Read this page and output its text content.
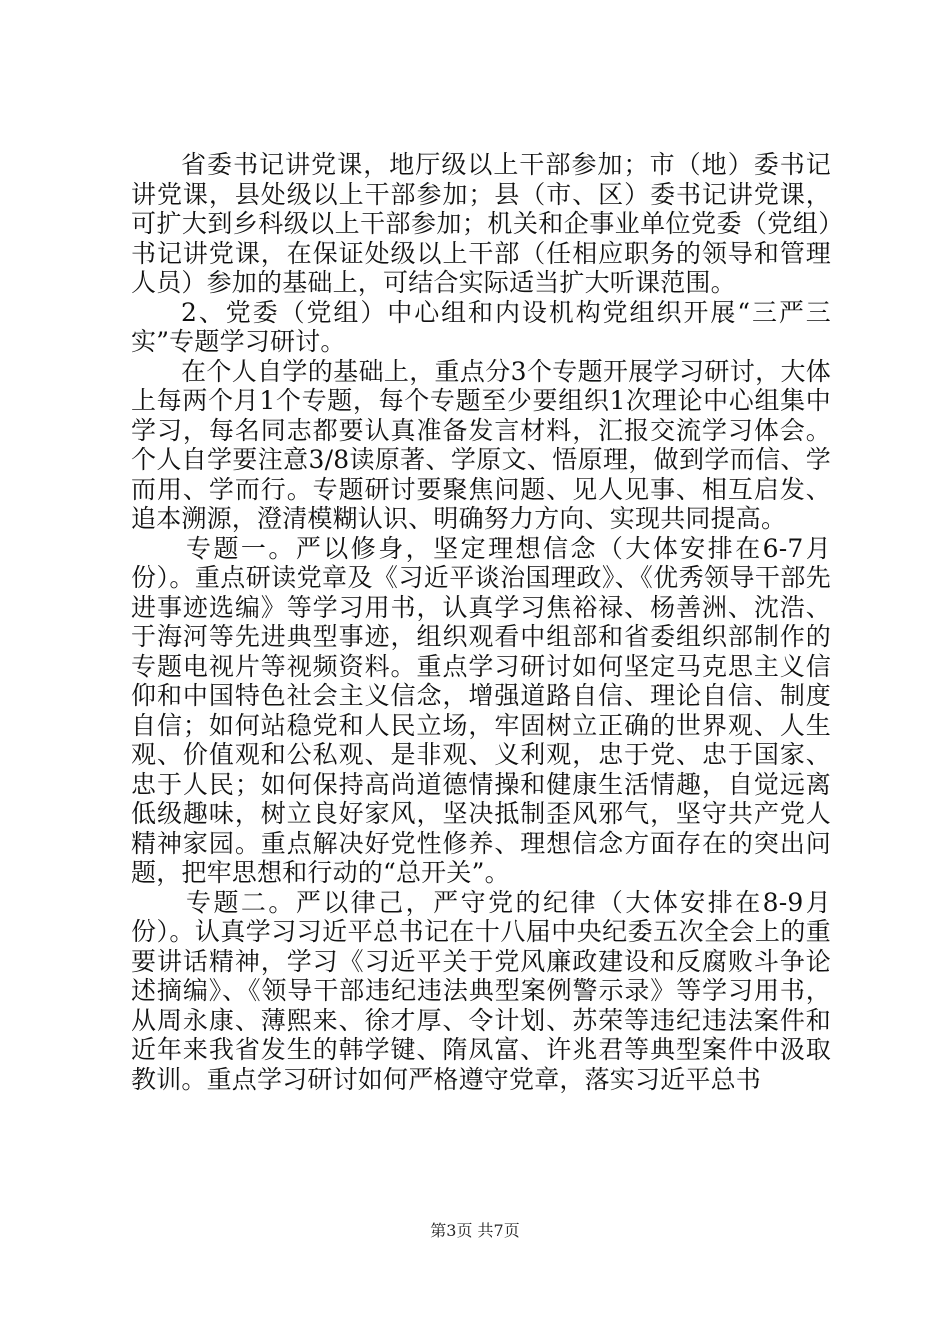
省委书记讲党课，地厅级以上干部参加；市（地）委书记讲党课，县处级以上干部参加；县（市、区）委书记讲党课，可扩大到乡科级以上干部参加；机关和企事业单位党委（党组）书记讲党课，在保证处级以上干部（任相应职务的领导和管理人员）参加的基础上，可结合实际适当扩大听课范围。

2、党委（党组）中心组和内设机构党组织开展“三严三实”专题学习研讨。

在个人自学的基础上，重点分3个专题开展学习研讨，大体上每两个月1个专题，每个专题至少要组织1次理论中心组集中学习，每名同志都要认真准备发言材料，汇报交流学习体会。个人自学要注意3/8读原著、学原文、悟原理，做到学而信、学而用、学而行。专题研讨要聚焦问题、见人见事、相互启发、追本溯源，澄清模糊认识、明确努力方向、实现共同提高。

专题一。严以修身，坚定理想信念（大体安排在6-7月份）。重点研读党章及《习近平谈治国理政》、《优秀领导干部先进事迹选编》等学习用书，认真学习焦裕禄、杨善洲、沈浩、于海河等先进典型事迹，组织观看中组部和省委组织部制作的专题电视片等视频资料。重点学习研讨如何坚定马克思主义信仰和中国特色社会主义信念，增强道路自信、理论自信、制度自信；如何站稳党和人民立场，牢固树立正确的世界观、人生观、价值观和公私观、是非观、义利观，忠于党、忠于国家、忠于人民；如何保持高尚道德情操和健康生活情趣，自觉远离低级趣味，树立良好家风，坚决抵制歪风邪气，坚守共产党人精神家园。重点解决好党性修养、理想信念方面存在的突出问题，把牢思想和行动的“总开关”。

专题二。严以律己，严守党的纪律（大体安排在8-9月份）。认真学习习近平总书记在十八届中央纪委五次全会上的重要讲话精神，学习《习近平关于党风廉政建设和反腐败斗争论述摘编》、《领导干部违纪违法典型案例警示录》等学习用书，从周永康、薄熙来、徐才厚、令计划、苏荣等违纪违法案件和近年来我省发生的韩学键、隋凤富、许兆君等典型案件中汲取教训。重点学习研讨如何严格遵守党章，落实习近平总书

第3页 共7页
